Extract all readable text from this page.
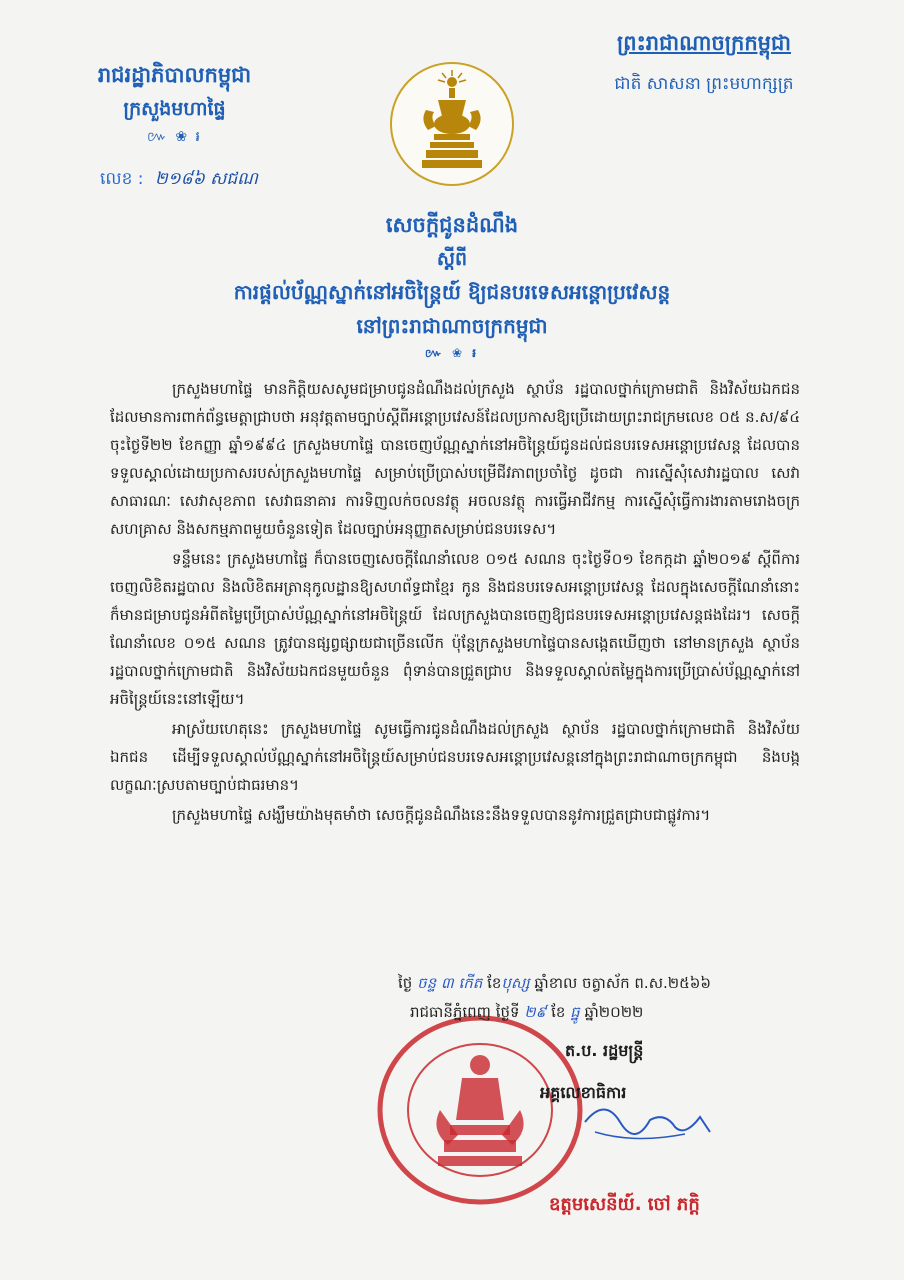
រាជរដ្ឋាភិបាលកម្ពុជា
ក្រសួងមហាផ្ទៃ
៚ ❀ ៛
លេខ : ២១៨៦ សជណ
ព្រះរាជាណាចក្រកម្ពុជា
ជាតិ សាសនា ព្រះមហាក្សត្រ
សេចក្តីជូនដំណឹង
ស្តីពី
ការផ្តល់ប័ណ្ណស្នាក់នៅអចិន្ត្រៃយ៍ ឱ្យជនបរទេសអន្តោប្រវេសន្ត
នៅព្រះរាជាណាចក្រកម្ពុជា
៚ ❀ ៛

ក្រសួងមហាផ្ទៃ មានកិត្តិយសសូមជម្រាបជូនដំណឹងដល់ក្រសួង ស្ថាប័ន រដ្ឋបាលថ្នាក់ក្រោមជាតិ និងវិស័យឯកជន ដែលមានការពាក់ព័ន្ធមេត្តាជ្រាបថា អនុវត្តតាមច្បាប់ស្តីពីអន្តោប្រវេសន៍ដែលប្រកាសឱ្យប្រើដោយព្រះរាជក្រមលេខ ០៥ ន.ស/៩៤ ចុះថ្ងៃទី២២ ខែកញ្ញា ឆ្នាំ១៩៩៤ ក្រសួងមហាផ្ទៃ បានចេញប័ណ្ណស្នាក់នៅអចិន្ត្រៃយ៍ជូនដល់ជនបរទេសអន្តោប្រវេសន្ត ដែលបានទទួលស្គាល់ដោយប្រកាសរបស់ក្រសួងមហាផ្ទៃ សម្រាប់ប្រើប្រាស់បម្រើជីវភាពប្រចាំថ្ងៃ ដូចជា ការស្នើសុំសេវារដ្ឋបាល សេវាសាធារណៈ សេវាសុខភាព សេវាធនាគារ ការទិញលក់ចលនវត្ថុ អចលនវត្ថុ ការធ្វើអាជីវកម្ម ការស្នើសុំធ្វើការងារតាមរោងចក្រ សហគ្រាស និងសកម្មភាពមួយចំនួនទៀត ដែលច្បាប់អនុញ្ញាតសម្រាប់ជនបរទេស។

ទន្ទឹមនេះ ក្រសួងមហាផ្ទៃ ក៏បានចេញសេចក្តីណែនាំលេខ ០១៥ សណន ចុះថ្ងៃទី០១ ខែកក្កដា ឆ្នាំ២០១៩ ស្តីពីការចេញលិខិតរដ្ឋបាល និងលិខិតអត្រានុកូលដ្ឋានឱ្យសហព័ទ្ធជាខ្មែរ កូន និងជនបរទេសអន្តោប្រវេសន្ត ដែលក្នុងសេចក្តីណែនាំនោះ ក៏មានជម្រាបជូនអំពីតម្លៃប្រើប្រាស់ប័ណ្ណស្នាក់នៅអចិន្ត្រៃយ៍ ដែលក្រសួងបានចេញឱ្យជនបរទេសអន្តោប្រវេសន្តផងដែរ។ សេចក្តីណែនាំលេខ ០១៥ សណន ត្រូវបានផ្សព្វផ្សាយជាច្រើនលើក ប៉ុន្តែក្រសួងមហាផ្ទៃបានសង្កេតឃើញថា នៅមានក្រសួង ស្ថាប័ន រដ្ឋបាលថ្នាក់ក្រោមជាតិ និងវិស័យឯកជនមួយចំនួន ពុំទាន់បានជ្រួតជ្រាប និងទទួលស្គាល់តម្លៃក្នុងការប្រើប្រាស់ប័ណ្ណស្នាក់នៅអចិន្ត្រៃយ៍នេះនៅឡើយ។

អាស្រ័យហេតុនេះ ក្រសួងមហាផ្ទៃ សូមធ្វើការជូនដំណឹងដល់ក្រសួង ស្ថាប័ន រដ្ឋបាលថ្នាក់ក្រោមជាតិ និងវិស័យឯកជន ដើម្បីទទួលស្គាល់ប័ណ្ណស្នាក់នៅអចិន្ត្រៃយ៍សម្រាប់ជនបរទេសអន្តោប្រវេសន្តនៅក្នុងព្រះរាជាណាចក្រកម្ពុជា និងបង្កលក្ខណៈស្របតាមច្បាប់ជាធរមាន។

ក្រសួងមហាផ្ទៃ សង្ឃឹមយ៉ាងមុតមាំថា សេចក្តីជូនដំណឹងនេះនឹងទទួលបាននូវការជ្រួតជ្រាបជាផ្លូវការ។

ថ្ងៃ ចន្ទ ៣ កើត ខែបុស្ស ឆ្នាំខាល ចត្វាស័ក ព.ស.២៥៦៦
រាជធានីភ្នំពេញ ថ្ងៃទី ២៩ ខែ ធ្នូ ឆ្នាំ២០២២
ត.ប. រដ្ឋមន្ត្រី
អគ្គលេខាធិការ
ឧត្តមសេនីយ៍. ចៅ ភក្តិ
